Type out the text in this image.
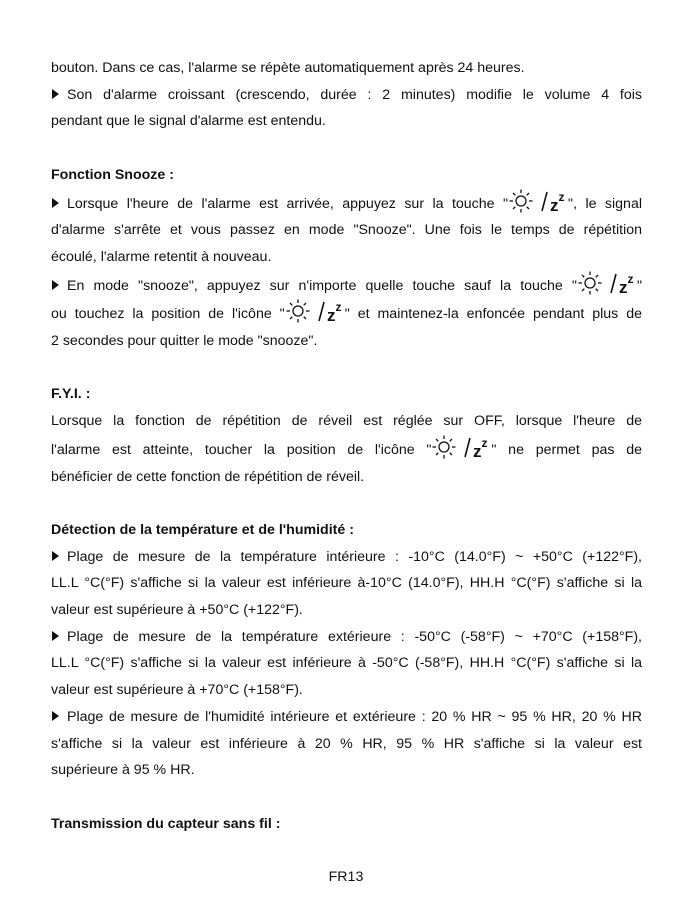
bouton. Dans ce cas, l'alarme se répète automatiquement après 24 heures.

Son d'alarme croissant (crescendo, durée : 2 minutes) modifie le volume 4 fois

pendant que le signal d'alarme est entendu.

Fonction Snooze :

Lorsque l'heure de l'alarme est arrivée, appuyez sur la touche " z z ", le signal

d'alarme s'arrête et vous passez en mode "Snooze". Une fois le temps de répétition

écoulé, l'alarme retentit à nouveau.

En mode "snooze", appuyez sur n'importe quelle touche sauf la touche " z z "

ou touchez la position de l'icône " z z " et maintenez-la enfoncée pendant plus de

2 secondes pour quitter le mode "snooze".

F.Y.I. :

Lorsque la fonction de répétition de réveil est réglée sur OFF, lorsque l'heure de

l'alarme est atteinte, toucher la position de l'icône " z z " ne permet pas de

bénéficier de cette fonction de répétition de réveil.

Détection de la température et de l'humidité :

Plage de mesure de la température intérieure : -10°C (14.0°F) ~ +50°C (+122°F),

LL.L °C(°F) s'affiche si la valeur est inférieure à-10°C (14.0°F), HH.H °C(°F) s'affiche si la

valeur est supérieure à +50°C (+122°F).

Plage de mesure de la température extérieure : -50°C (-58°F) ~ +70°C (+158°F),

LL.L °C(°F) s'affiche si la valeur est inférieure à -50°C (-58°F), HH.H °C(°F) s'affiche si la

valeur est supérieure à +70°C (+158°F).

Plage de mesure de l'humidité intérieure et extérieure : 20 % HR ~ 95 % HR, 20 % HR

s'affiche si la valeur est inférieure à 20 % HR, 95 % HR s'affiche si la valeur est

supérieure à 95 % HR.

Transmission du capteur sans fil :

FR13
